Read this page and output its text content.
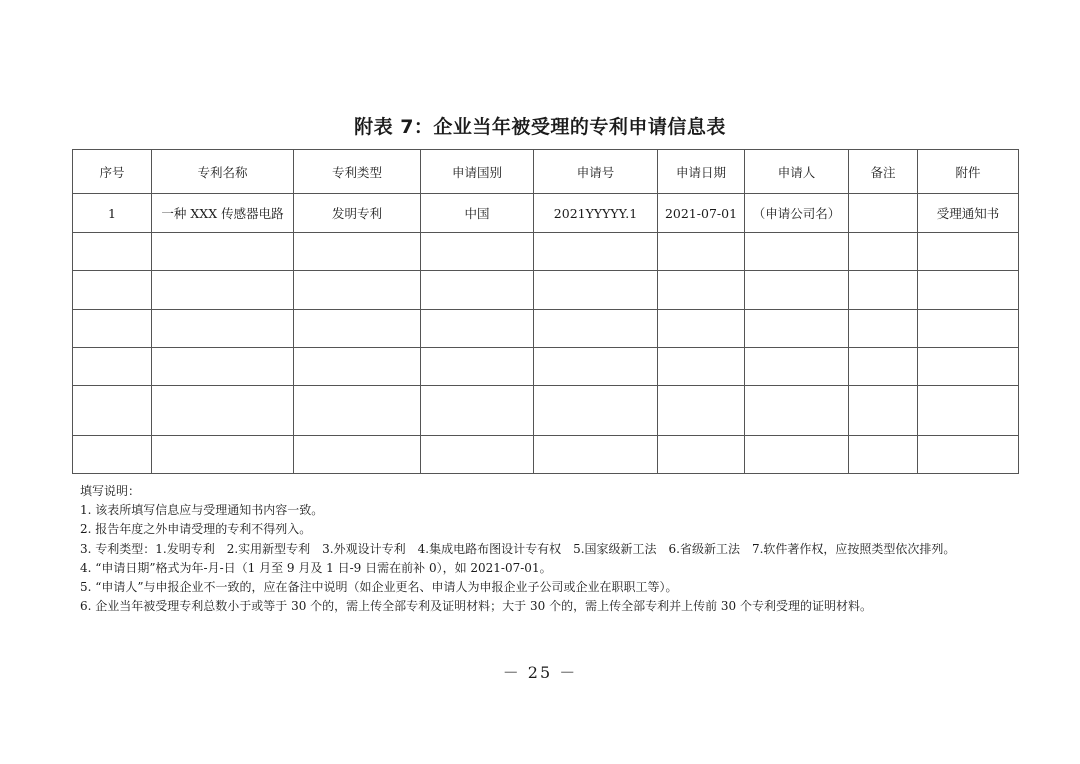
附表 7：企业当年被受理的专利申请信息表
序号	专利名称	专利类型	申请国别	申请号	申请日期	申请人	备注	附件
1	一种 XXX 传感器电路	发明专利	中国	2021YYYYY.1	2021-07-01	（申请公司名）		受理通知书

填写说明：
1. 该表所填写信息应与受理通知书内容一致。
2. 报告年度之外申请受理的专利不得列入。
3. 专利类型：1.发明专利　2.实用新型专利　3.外观设计专利　4.集成电路布图设计专有权　5.国家级新工法　6.省级新工法　7.软件著作权，应按照类型依次排列。
4. “申请日期”格式为年-月-日（1 月至 9 月及 1 日-9 日需在前补 0），如 2021-07-01。
5. “申请人”与申报企业不一致的，应在备注中说明（如企业更名、申请人为申报企业子公司或企业在职职工等）。
6. 企业当年被受理专利总数小于或等于 30 个的，需上传全部专利及证明材料；大于 30 个的，需上传全部专利并上传前 30 个专利受理的证明材料。
－ 25 －
